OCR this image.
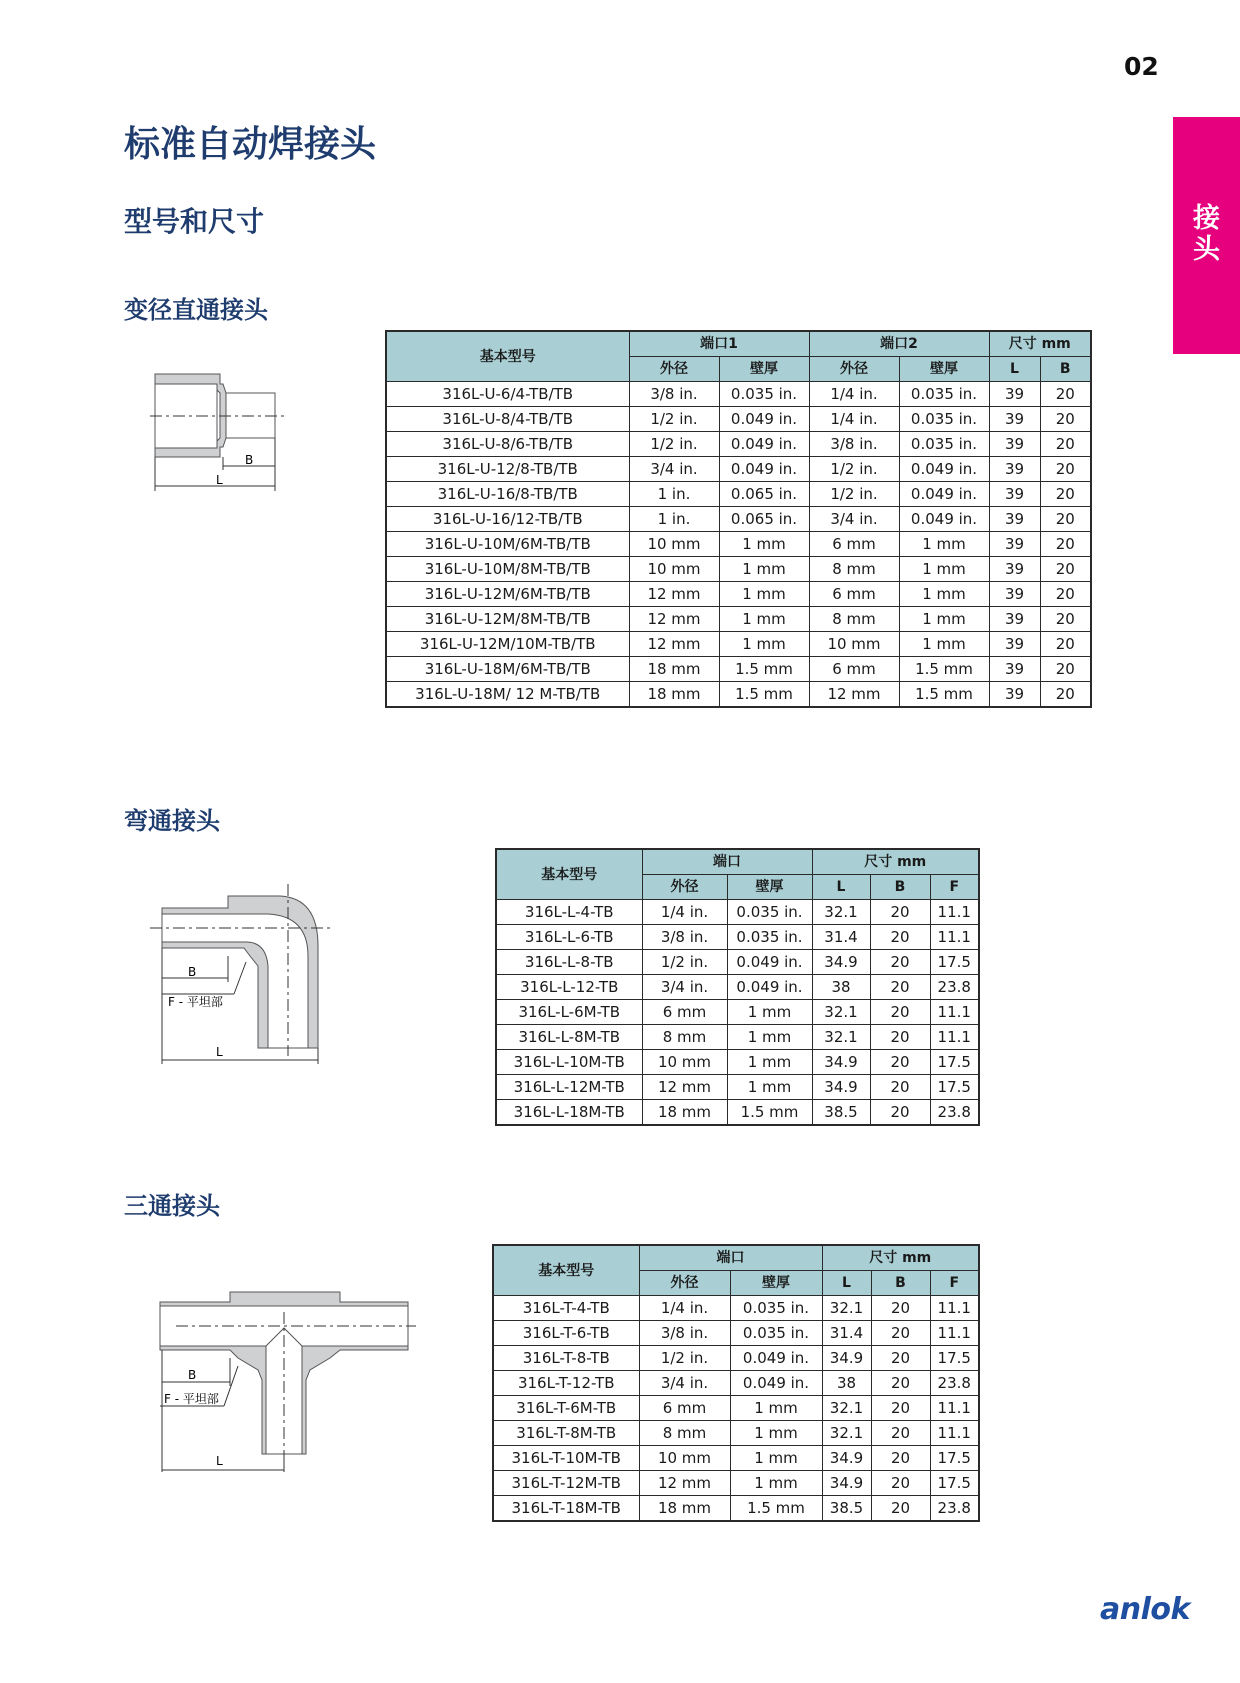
02
接
头
标准自动焊接头
型号和尺寸
变径直通接头
B
L
基本型号	端口1		端口2		尺寸 mm	
	外径	壁厚	外径	壁厚	L	B
316L-U-6/4-TB/TB	3/8 in.	0.035 in.	1/4 in.	0.035 in.	39	20
316L-U-8/4-TB/TB	1/2 in.	0.049 in.	1/4 in.	0.035 in.	39	20
316L-U-8/6-TB/TB	1/2 in.	0.049 in.	3/8 in.	0.035 in.	39	20
316L-U-12/8-TB/TB	3/4 in.	0.049 in.	1/2 in.	0.049 in.	39	20
316L-U-16/8-TB/TB	1 in.	0.065 in.	1/2 in.	0.049 in.	39	20
316L-U-16/12-TB/TB	1 in.	0.065 in.	3/4 in.	0.049 in.	39	20
316L-U-10M/6M-TB/TB	10 mm	1 mm	6 mm	1 mm	39	20
316L-U-10M/8M-TB/TB	10 mm	1 mm	8 mm	1 mm	39	20
316L-U-12M/6M-TB/TB	12 mm	1 mm	6 mm	1 mm	39	20
316L-U-12M/8M-TB/TB	12 mm	1 mm	8 mm	1 mm	39	20
316L-U-12M/10M-TB/TB	12 mm	1 mm	10 mm	1 mm	39	20
316L-U-18M/6M-TB/TB	18 mm	1.5 mm	6 mm	1.5 mm	39	20
316L-U-18M/ 12 M-TB/TB	18 mm	1.5 mm	12 mm	1.5 mm	39	20
弯通接头
B
F - 平坦部
L
基本型号	端口		尺寸 mm		
	外径	壁厚	L	B	F
316L-L-4-TB	1/4 in.	0.035 in.	32.1	20	11.1
316L-L-6-TB	3/8 in.	0.035 in.	31.4	20	11.1
316L-L-8-TB	1/2 in.	0.049 in.	34.9	20	17.5
316L-L-12-TB	3/4 in.	0.049 in.	38	20	23.8
316L-L-6M-TB	6 mm	1 mm	32.1	20	11.1
316L-L-8M-TB	8 mm	1 mm	32.1	20	11.1
316L-L-10M-TB	10 mm	1 mm	34.9	20	17.5
316L-L-12M-TB	12 mm	1 mm	34.9	20	17.5
316L-L-18M-TB	18 mm	1.5 mm	38.5	20	23.8
三通接头
B
F - 平坦部
L
基本型号	端口		尺寸 mm		
	外径	壁厚	L	B	F
316L-T-4-TB	1/4 in.	0.035 in.	32.1	20	11.1
316L-T-6-TB	3/8 in.	0.035 in.	31.4	20	11.1
316L-T-8-TB	1/2 in.	0.049 in.	34.9	20	17.5
316L-T-12-TB	3/4 in.	0.049 in.	38	20	23.8
316L-T-6M-TB	6 mm	1 mm	32.1	20	11.1
316L-T-8M-TB	8 mm	1 mm	32.1	20	11.1
316L-T-10M-TB	10 mm	1 mm	34.9	20	17.5
316L-T-12M-TB	12 mm	1 mm	34.9	20	17.5
316L-T-18M-TB	18 mm	1.5 mm	38.5	20	23.8
anlok
